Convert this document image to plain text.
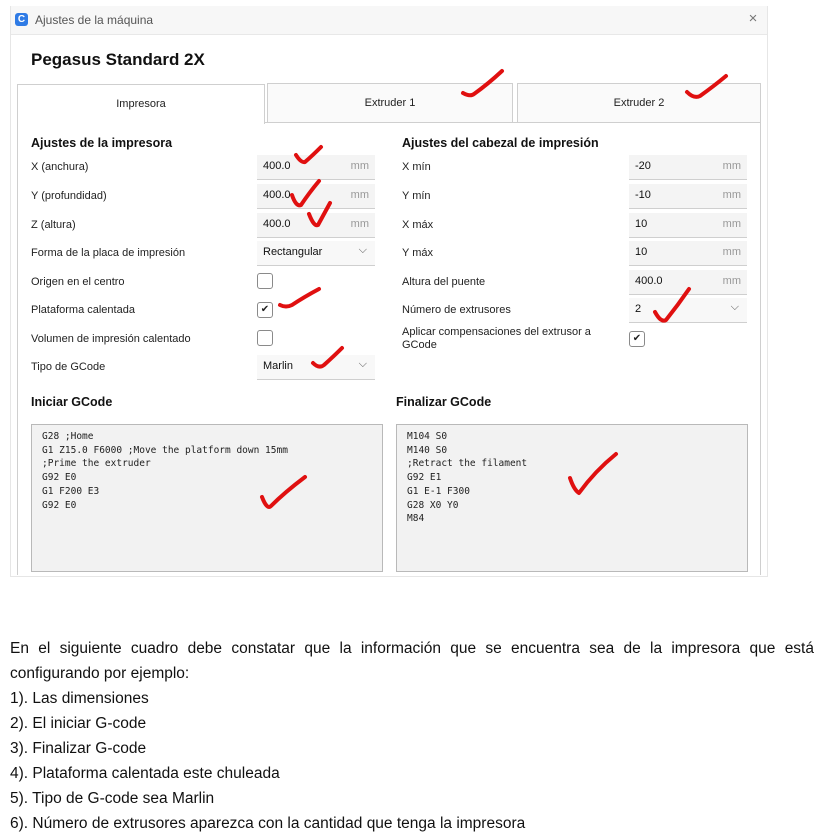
C Ajustes de la máquina	×
Pegasus Standard 2X
Impresora	Extruder 1	Extruder 2
Ajustes de la impresora
X (anchura)	400.0	mm
Y (profundidad)	400.0	mm
Z (altura)	400.0	mm
Forma de la placa de impresión	Rectangular	⌵
Origen en el centro
Plataforma calentada	✔
Volumen de impresión calentado
Tipo de GCode	Marlin	⌵
Ajustes del cabezal de impresión
X mín	-20	mm
Y mín	-10	mm
X máx	10	mm
Y máx	10	mm
Altura del puente	400.0	mm
Número de extrusores	2	⌵
Aplicar compensaciones del extrusor a
GCode
✔
Iniciar GCode
G28 ;Home
G1 Z15.0 F6000 ;Move the platform down 15mm
;Prime the extruder
G92 E0
G1 F200 E3
G92 E0
Finalizar GCode
M104 S0
M140 S0
;Retract the filament
G92 E1
G1 E-1 F300
G28 X0 Y0
M84
En el siguiente cuadro debe constatar que la información que se encuentra sea de la impresora que está configurando por ejemplo:
1). Las dimensiones
2). El iniciar G-code
3). Finalizar G-code
4). Plataforma calentada este chuleada
5). Tipo de G-code sea Marlin
6). Número de extrusores aparezca con la cantidad que tenga la impresora
